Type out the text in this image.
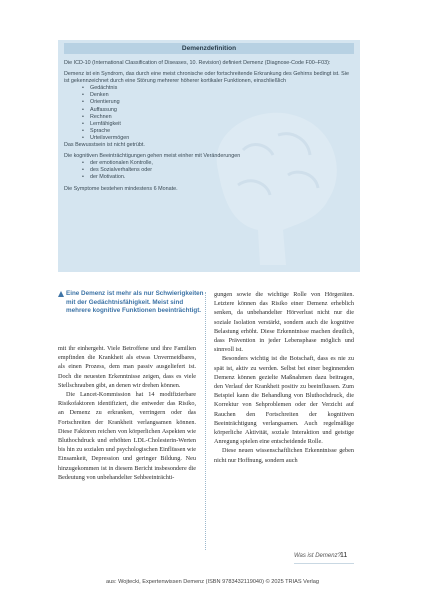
Demenzdefinition

Die ICD-10 (International Classification of Diseases, 10. Revision) definiert Demenz (Diagnose-Code F00–F03):

Demenz ist ein Syndrom, das durch eine meist chronische oder fortschreitende Erkrankung des Gehirns bedingt ist. Sie ist gekennzeichnet durch eine Störung mehrerer höherer kortikaler Funktionen, einschließlich

• Gedächtnis
• Denken
• Orientierung
• Auffassung
• Rechnen
• Lernfähigkeit
• Sprache
• Urteilsvermögen

Das Bewusstsein ist nicht getrübt.

Die kognitiven Beeinträchtigungen gehen meist einher mit Veränderungen

• der emotionalen Kontrolle,
• des Sozialverhaltens oder
• der Motivation.

Die Symptome bestehen mindestens 6 Monate.

Eine Demenz ist mehr als nur Schwierigkeiten mit der Gedächtnisfähigkeit. Meist sind mehrere kognitive Funktionen beeinträchtigt.

mit ihr einhergeht. Viele Betroffene und ihre Familien empfinden die Krankheit als etwas Unvermeidbares, als einen Prozess, dem man passiv ausgeliefert ist. Doch die neuesten Erkenntnisse zeigen, dass es viele Stellschrauben gibt, an denen wir drehen können.

Die Lancet-Kommission hat 14 modifizierbare Risikofaktoren identifiziert, die entweder das Risiko, an Demenz zu erkranken, verringern oder das Fortschreiten der Krankheit verlangsamen können. Diese Faktoren reichen von körperlichen Aspekten wie Bluthochdruck und erhöhten LDL-Cholesterin-Werten bis hin zu sozialen und psychologischen Einflüssen wie Einsamkeit, Depression und geringer Bildung. Neu hinzugekommen ist in diesem Bericht insbesondere die Bedeutung von unbehandelter Sehbeeinträchti-

gungen sowie die wichtige Rolle von Hörgeräten. Letztere können das Risiko einer Demenz erheblich senken, da unbehandelter Hörverlust nicht nur die soziale Isolation verstärkt, sondern auch die kognitive Belastung erhöht. Diese Erkenntnisse machen deutlich, dass Prävention in jeder Lebensphase möglich und sinnvoll ist.

Besonders wichtig ist die Botschaft, dass es nie zu spät ist, aktiv zu werden. Selbst bei einer beginnenden Demenz können gezielte Maßnahmen dazu beitragen, den Verlauf der Krankheit positiv zu beeinflussen. Zum Beispiel kann die Behandlung von Bluthochdruck, die Korrektur von Sehproblemen oder der Verzicht auf Rauchen den Fortschreiten der kognitiven Beeinträchtigung verlangsamen. Auch regelmäßige körperliche Aktivität, soziale Interaktion und geistige Anregung spielen eine entscheidende Rolle.

Diese neuen wissenschaftlichen Erkenntnisse geben nicht nur Hoffnung, sondern auch

Was ist Demenz? 11
aus: Wojtecki, Expertenwissen Demenz (ISBN 9783432119040) © 2025 TRIAS Verlag
